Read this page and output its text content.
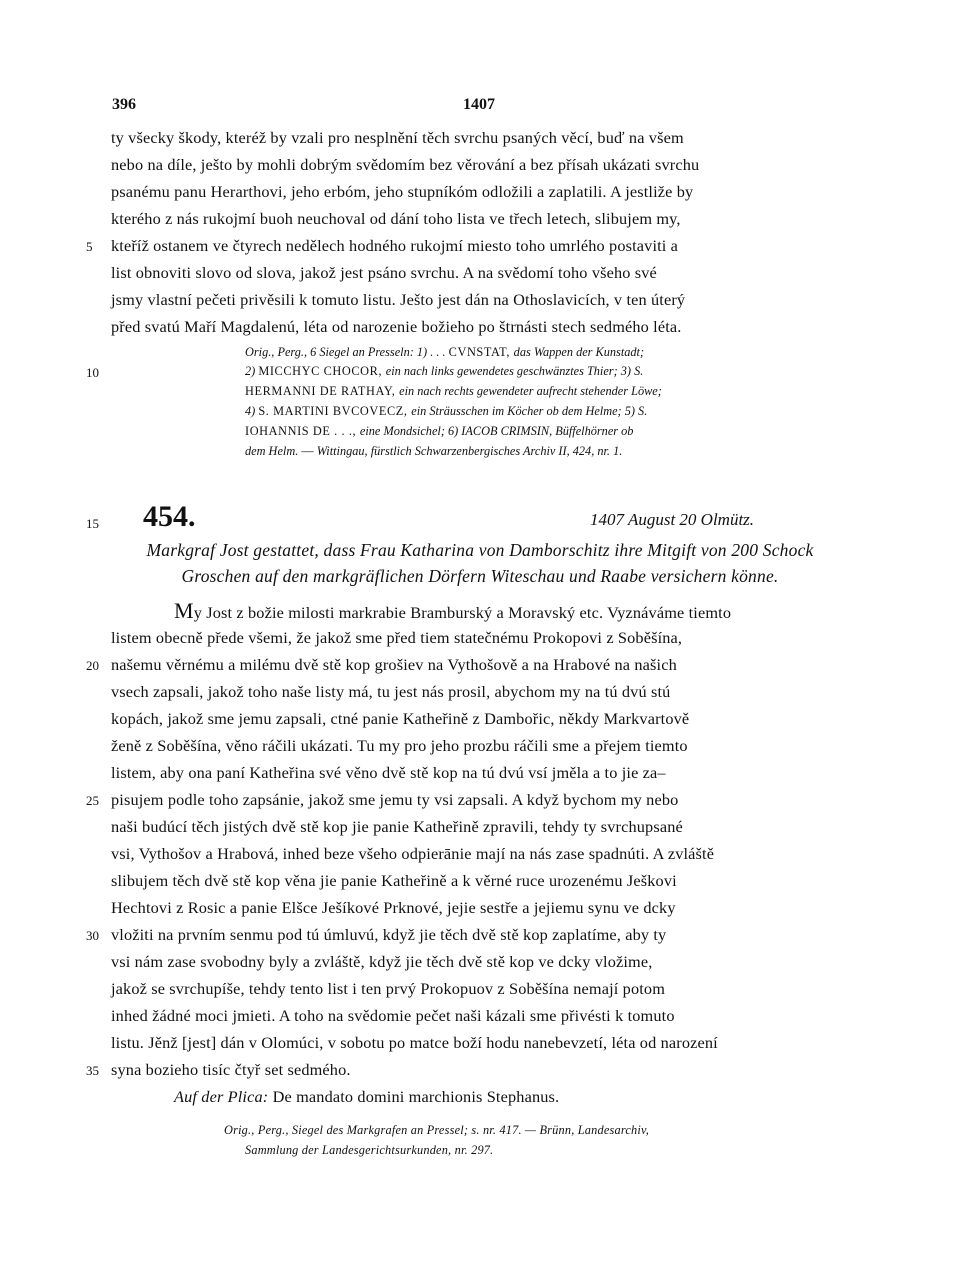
396	1407
ty všecky škody, kteréž by vzali pro nesplnění těch svrchu psaných věcí, buď na všem
nebo na díle, ješto by mohli dobrým svědomím bez věrování a bez přísah ukázati svrchu
psanému panu Herarthovi, jeho erbóm, jeho stupníkóm odložili a zaplatili. A jestliže by
kterého z nás rukojmí buoh neuchoval od dání toho lista ve třech letech, slibujem my,
kteříž ostanem ve čtyrech nedělech hodného rukojmí miesto toho umrlého postaviti a
list obnoviti slovo od slova, jakož jest psáno svrchu. A na svědomí toho všeho své
jsmy vlastní pečeti privěsili k tomuto listu. Ješto jest dán na Othoslavicích, v ten úterý
před svatú Maří Magdalenú, léta od narozenie božieho po štrnásti stech sedmého léta.
Orig., Perg., 6 Siegel an Presseln: 1) . . . CVNSTAT, das Wappen der Kunstadt;
2) MICCHYC CHOCOR, ein nach links gewendetes geschwänztes Thier; 3) S.
HERMANNI DE RATHAY, ein nach rechts gewendeter aufrecht stehender Löwe;
4) S. MARTINI BVCOVECZ, ein Sträusschen im Köcher ob dem Helme; 5) S.
IOHANNIS DE . . ., eine Mondsichel; 6) IACOB CRIMSIN, Büffelhörner ob
dem Helm. –– Wittingau, fürstlich Schwarzenbergisches Archiv II, 424, nr. 1.
454.	1407 August 20 Olmütz.
Markgraf Jost gestattet, dass Frau Katharina von Damborschitz ihre Mitgift von 200 Schock
Groschen auf den markgräflichen Dörfern Witeschau und Raabe versichern könne.
My Jost z božie milosti markrabie Bramburský a Moravský etc. Vyznáváme tiemto
listem obecně přede všemi, že jakož sme před tiem statečnému Prokopovi z Soběšína,
našemu věrnému a milému dvě stě kop grošiev na Vythošově a na Hrabové na našich
vsech zapsali, jakož toho naše listy má, tu jest nás prosil, abychom my na tú dvú stú
kopách, jakož sme jemu zapsali, ctné panie Katheřině z Dambořic, někdy Markvartově
ženě z Soběšína, věno ráčili ukázati. Tu my pro jeho prozbu ráčili sme a přejem tiemto
listem, aby ona paní Katheřina své věno dvě stě kop na tú dvú vsí jměla a to jie za–
pisujem podle toho zapsánie, jakož sme jemu ty vsi zapsali. A když bychom my nebo
naši budúcí těch jistých dvě stě kop jie panie Katheřině zpravili, tehdy ty svrchupsané
vsi, Vythošov a Hrabová, inhed beze všeho odpierānie mají na nás zase spadnúti. A zvláště
slibujem těch dvě stě kop věna jie panie Katheřině a k věrné ruce urozenému Ješkovi
Hechtovi z Rosic a panie Elšce Ješíkové Prknové, jejie sestře a jejiemu synu ve dcky
vložiti na prvním senmu pod tú úmluvú, když jie těch dvě stě kop zaplatíme, aby ty
vsi nám zase svobodny byly a zvláště, když jie těch dvě stě kop ve dcky vložime,
jakož se svrchupíše, tehdy tento list i ten prvý Prokopuov z Soběšína nemají potom
inhed žádné moci jmieti. A toho na svědomie pečet naši kázali sme přivésti k tomuto
listu. Jěnž [jest] dán v Olomúci, v sobotu po matce boží hodu nanebevzetí, léta od narození
syna bozieho tisíc čtyř set sedmého.
Auf der Plica: De mandato domini marchionis Stephanus.
Orig., Perg., Siegel des Markgrafen an Pressel; s. nr. 417. — Brünn, Landesarchiv,
Sammlung der Landesgerichtsurkunden, nr. 297.
5
10
15
20
25
30
35
